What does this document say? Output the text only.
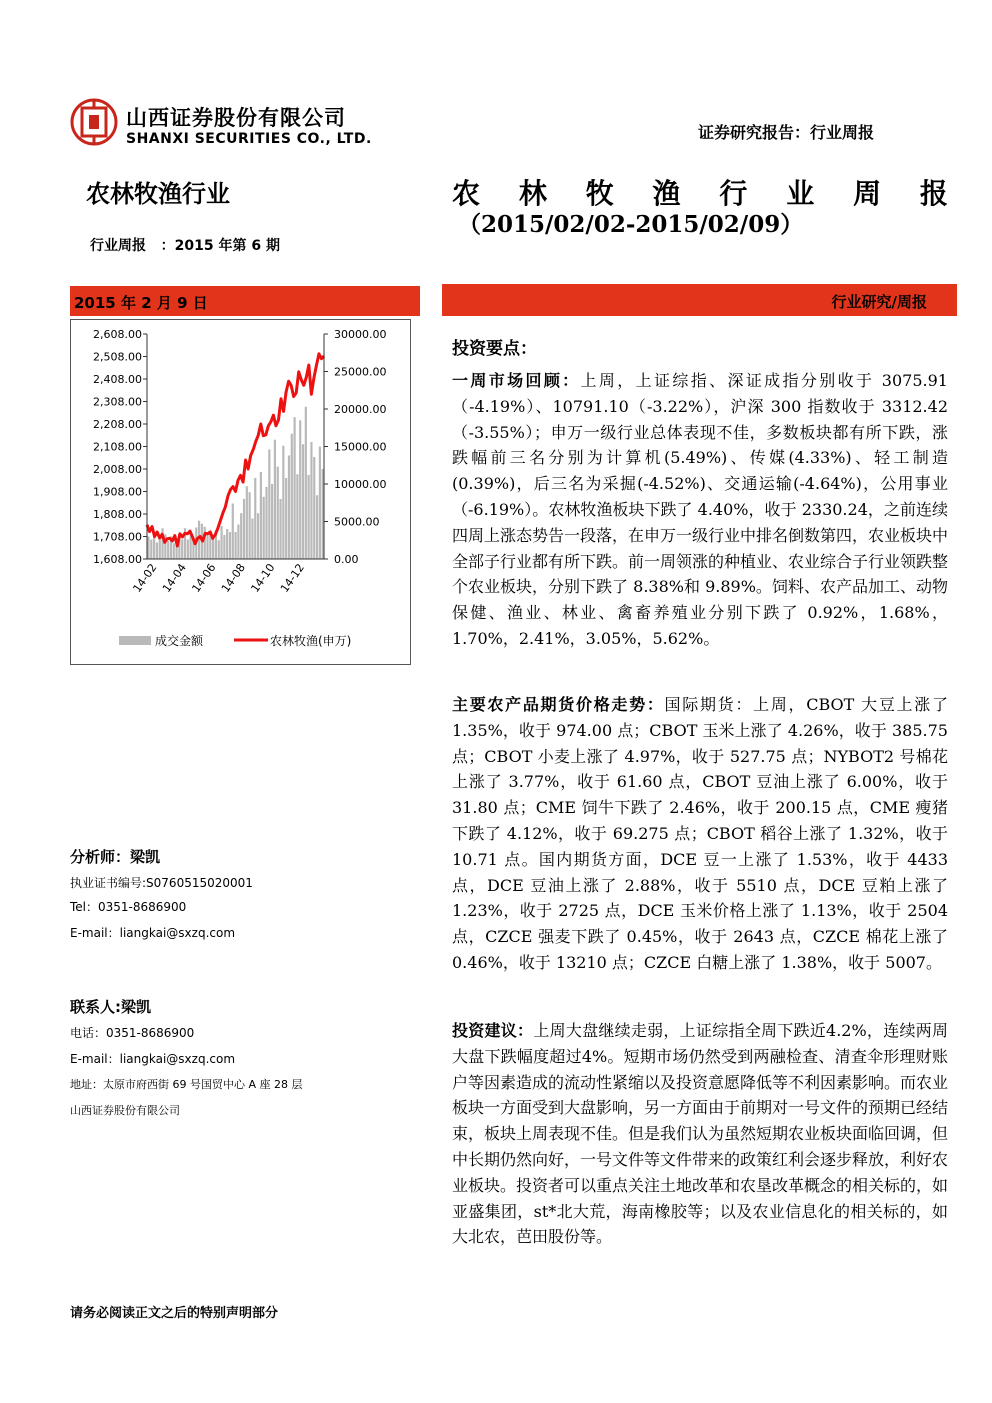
山西证券股份有限公司
SHANXI SECURITIES CO., LTD.	证券研究报告：行业周报
农林牧渔行业	农 林 牧 渔 行 业 周 报
（2015/02/02-2015/02/09）
行业周报 ：2015 年第 6 期
2015 年 2 月 9 日	行业研究/周报
2,608.00
2,508.00
2,408.00
2,308.00
2,208.00
2,108.00
2,008.00
1,908.00
1,808.00
1,708.00
1,608.00
30000.00
25000.00
20000.00
15000.00
10000.00
5000.00
0.00
14-02 14-04 14-06 14-08 14-10 14-12
成交金额	农林牧渔(申万)
投资要点：
一周市场回顾：上周，上证综指、深证成指分别收于 3075.91（-4.19%）、10791.10（-3.22%），沪深 300 指数收于 3312.42（-3.55%）；申万一级行业总体表现不佳，多数板块都有所下跌，涨跌幅前三名分别为计算机(5.49%)、传媒(4.33%)、轻工制造(0.39%)，后三名为采掘(-4.52%)、交通运输(-4.64%)，公用事业（-6.19%）。农林牧渔板块下跌了 4.40%，收于 2330.24，之前连续四周上涨态势告一段落，在申万一级行业中排名倒数第四，农业板块中全部子行业都有所下跌。前一周领涨的种植业、农业综合子行业领跌整个农业板块，分别下跌了 8.38%和 9.89%。饲料、农产品加工、动物保健、渔业、林业、禽畜养殖业分别下跌了 0.92%，1.68%，1.70%，2.41%，3.05%，5.62%。
主要农产品期货价格走势：国际期货：上周，CBOT 大豆上涨了 1.35%，收于 974.00 点；CBOT 玉米上涨了 4.26%，收于 385.75 点；CBOT 小麦上涨了 4.97%，收于 527.75 点；NYBOT2 号棉花上涨了 3.77%，收于 61.60 点，CBOT 豆油上涨了 6.00%，收于 31.80 点；CME 饲牛下跌了 2.46%，收于 200.15 点，CME 瘦猪下跌了 4.12%，收于 69.275 点；CBOT 稻谷上涨了 1.32%，收于 10.71 点。国内期货方面，DCE 豆一上涨了 1.53%，收于 4433 点，DCE 豆油上涨了 2.88%，收于 5510 点，DCE 豆粕上涨了 1.23%，收于 2725 点，DCE 玉米价格上涨了 1.13%，收于 2504 点，CZCE 强麦下跌了 0.45%，收于 2643 点，CZCE 棉花上涨了 0.46%，收于 13210 点；CZCE 白糖上涨了 1.38%，收于 5007。
投资建议：上周大盘继续走弱，上证综指全周下跌近4.2%，连续两周大盘下跌幅度超过4%。短期市场仍然受到两融检查、清查伞形理财账户等因素造成的流动性紧缩以及投资意愿降低等不利因素影响。而农业板块一方面受到大盘影响，另一方面由于前期对一号文件的预期已经结束，板块上周表现不佳。但是我们认为虽然短期农业板块面临回调，但中长期仍然向好，一号文件等文件带来的政策红利会逐步释放，利好农业板块。投资者可以重点关注土地改革和农垦改革概念的相关标的，如亚盛集团，st*北大荒，海南橡胶等；以及农业信息化的相关标的，如大北农，芭田股份等。
分析师：梁凯
执业证书编号:S0760515020001
Tel：0351-8686900
E-mail：liangkai@sxzq.com
联系人:梁凯
电话：0351-8686900
E-mail：liangkai@sxzq.com
地址：太原市府西街 69 号国贸中心 A 座 28 层
山西证券股份有限公司
请务必阅读正文之后的特别声明部分
